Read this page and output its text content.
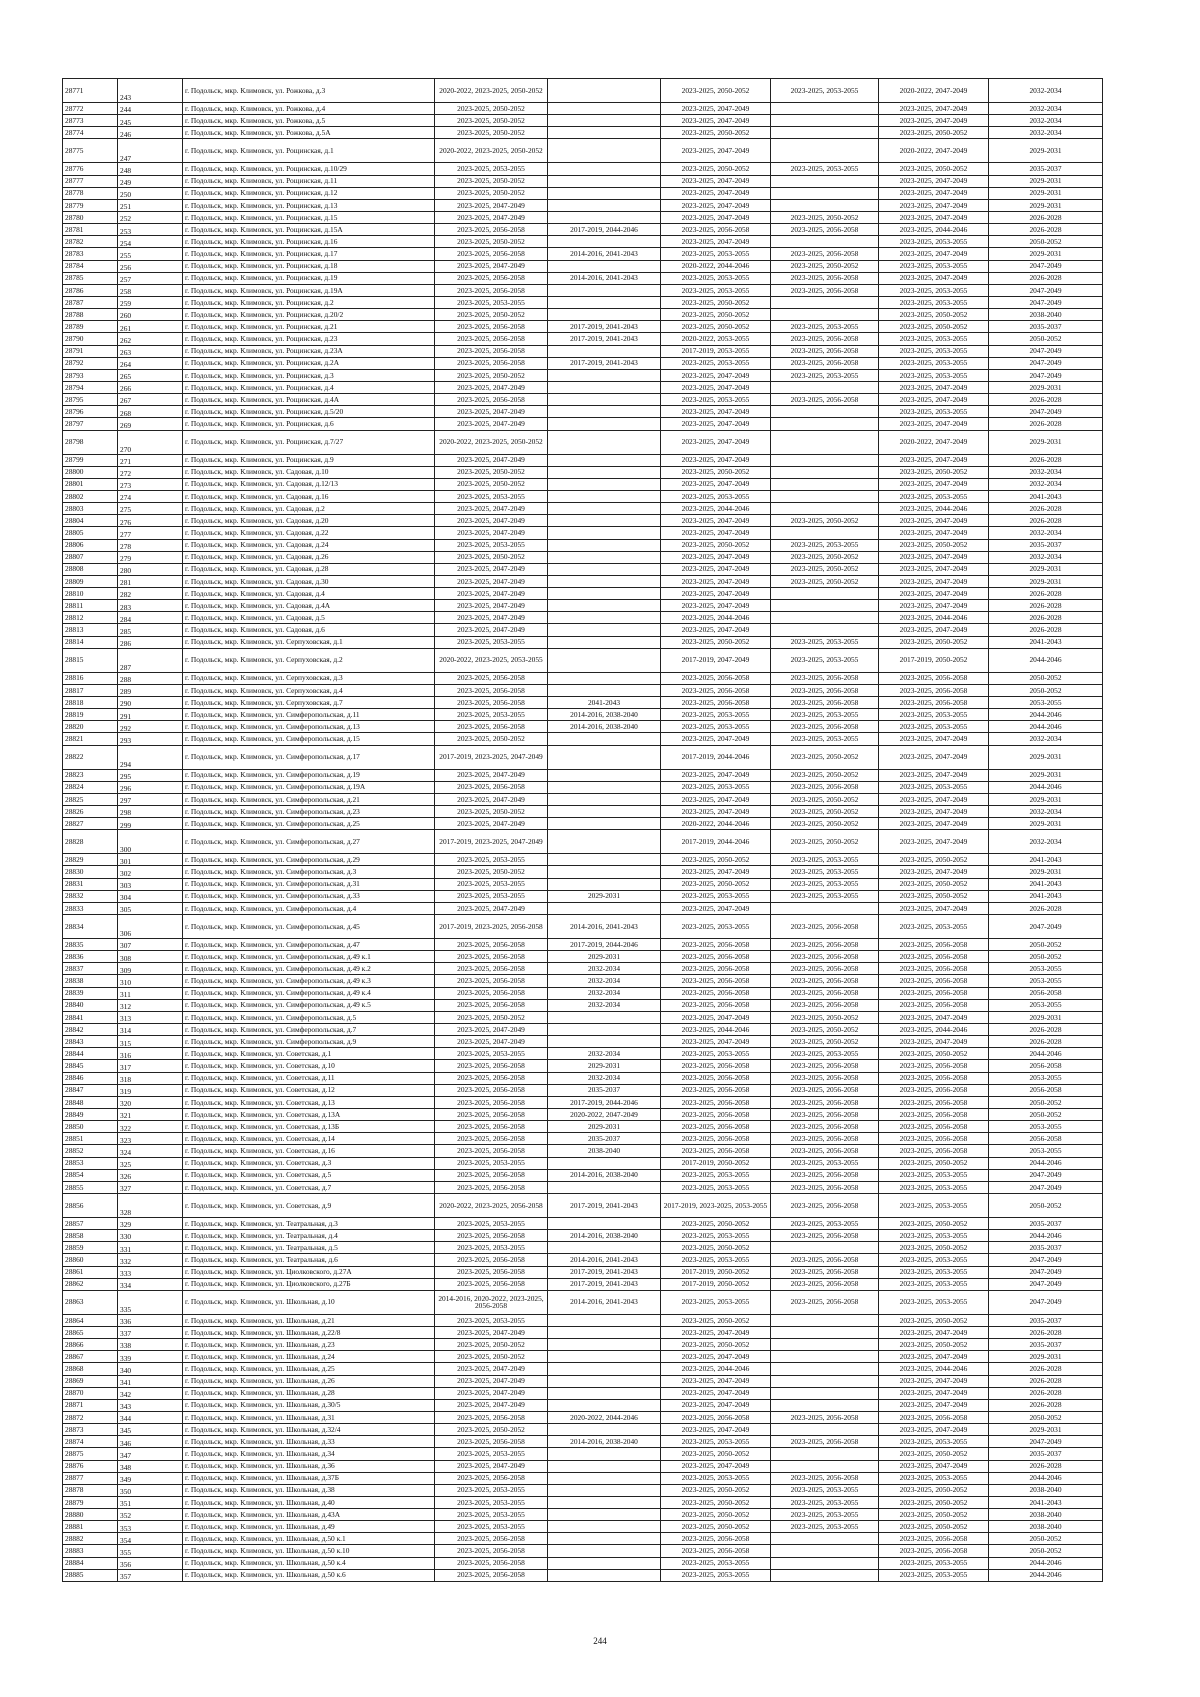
28771	243	г. Подольск, мкр. Климовск, ул. Рожкова, д.3	2020-2022, 2023-2025, 2050-2052		2023-2025, 2050-2052	2023-2025, 2053-2055	2020-2022, 2047-2049	2032-2034
28772	244	г. Подольск, мкр. Климовск, ул. Рожкова, д.4	2023-2025, 2050-2052		2023-2025, 2047-2049		2023-2025, 2047-2049	2032-2034
28773	245	г. Подольск, мкр. Климовск, ул. Рожкова, д.5	2023-2025, 2050-2052		2023-2025, 2047-2049		2023-2025, 2047-2049	2032-2034
28774	246	г. Подольск, мкр. Климовск, ул. Рожкова, д.5А	2023-2025, 2050-2052		2023-2025, 2050-2052		2023-2025, 2050-2052	2032-2034
28775	247	г. Подольск, мкр. Климовск, ул. Рощинская, д.1	2020-2022, 2023-2025, 2050-2052		2023-2025, 2047-2049		2020-2022, 2047-2049	2029-2031
28776	248	г. Подольск, мкр. Климовск, ул. Рощинская, д.10/29	2023-2025, 2053-2055		2023-2025, 2050-2052	2023-2025, 2053-2055	2023-2025, 2050-2052	2035-2037
28777	249	г. Подольск, мкр. Климовск, ул. Рощинская, д.11	2023-2025, 2050-2052		2023-2025, 2047-2049		2023-2025, 2047-2049	2029-2031
28778	250	г. Подольск, мкр. Климовск, ул. Рощинская, д.12	2023-2025, 2050-2052		2023-2025, 2047-2049		2023-2025, 2047-2049	2029-2031
28779	251	г. Подольск, мкр. Климовск, ул. Рощинская, д.13	2023-2025, 2047-2049		2023-2025, 2047-2049		2023-2025, 2047-2049	2029-2031
28780	252	г. Подольск, мкр. Климовск, ул. Рощинская, д.15	2023-2025, 2047-2049		2023-2025, 2047-2049	2023-2025, 2050-2052	2023-2025, 2047-2049	2026-2028
28781	253	г. Подольск, мкр. Климовск, ул. Рощинская, д.15А	2023-2025, 2056-2058	2017-2019, 2044-2046	2023-2025, 2056-2058	2023-2025, 2056-2058	2023-2025, 2044-2046	2026-2028
28782	254	г. Подольск, мкр. Климовск, ул. Рощинская, д.16	2023-2025, 2050-2052		2023-2025, 2047-2049		2023-2025, 2053-2055	2050-2052
28783	255	г. Подольск, мкр. Климовск, ул. Рощинская, д.17	2023-2025, 2056-2058	2014-2016, 2041-2043	2023-2025, 2053-2055	2023-2025, 2056-2058	2023-2025, 2047-2049	2029-2031
28784	256	г. Подольск, мкр. Климовск, ул. Рощинская, д.18	2023-2025, 2047-2049		2020-2022, 2044-2046	2023-2025, 2050-2052	2023-2025, 2053-2055	2047-2049
28785	257	г. Подольск, мкр. Климовск, ул. Рощинская, д.19	2023-2025, 2056-2058	2014-2016, 2041-2043	2023-2025, 2053-2055	2023-2025, 2056-2058	2023-2025, 2047-2049	2026-2028
28786	258	г. Подольск, мкр. Климовск, ул. Рощинская, д.19А	2023-2025, 2056-2058		2023-2025, 2053-2055	2023-2025, 2056-2058	2023-2025, 2053-2055	2047-2049
28787	259	г. Подольск, мкр. Климовск, ул. Рощинская, д.2	2023-2025, 2053-2055		2023-2025, 2050-2052		2023-2025, 2053-2055	2047-2049
28788	260	г. Подольск, мкр. Климовск, ул. Рощинская, д.20/2	2023-2025, 2050-2052		2023-2025, 2050-2052		2023-2025, 2050-2052	2038-2040
28789	261	г. Подольск, мкр. Климовск, ул. Рощинская, д.21	2023-2025, 2056-2058	2017-2019, 2041-2043	2023-2025, 2050-2052	2023-2025, 2053-2055	2023-2025, 2050-2052	2035-2037
28790	262	г. Подольск, мкр. Климовск, ул. Рощинская, д.23	2023-2025, 2056-2058	2017-2019, 2041-2043	2020-2022, 2053-2055	2023-2025, 2056-2058	2023-2025, 2053-2055	2050-2052
28791	263	г. Подольск, мкр. Климовск, ул. Рощинская, д.23А	2023-2025, 2056-2058		2017-2019, 2053-2055	2023-2025, 2056-2058	2023-2025, 2053-2055	2047-2049
28792	264	г. Подольск, мкр. Климовск, ул. Рощинская, д.2А	2023-2025, 2056-2058	2017-2019, 2041-2043	2023-2025, 2053-2055	2023-2025, 2056-2058	2023-2025, 2053-2055	2047-2049
28793	265	г. Подольск, мкр. Климовск, ул. Рощинская, д.3	2023-2025, 2050-2052		2023-2025, 2047-2049	2023-2025, 2053-2055	2023-2025, 2053-2055	2047-2049
28794	266	г. Подольск, мкр. Климовск, ул. Рощинская, д.4	2023-2025, 2047-2049		2023-2025, 2047-2049		2023-2025, 2047-2049	2029-2031
28795	267	г. Подольск, мкр. Климовск, ул. Рощинская, д.4А	2023-2025, 2056-2058		2023-2025, 2053-2055	2023-2025, 2056-2058	2023-2025, 2047-2049	2026-2028
28796	268	г. Подольск, мкр. Климовск, ул. Рощинская, д.5/20	2023-2025, 2047-2049		2023-2025, 2047-2049		2023-2025, 2053-2055	2047-2049
28797	269	г. Подольск, мкр. Климовск, ул. Рощинская, д.6	2023-2025, 2047-2049		2023-2025, 2047-2049		2023-2025, 2047-2049	2026-2028
28798	270	г. Подольск, мкр. Климовск, ул. Рощинская, д.7/27	2020-2022, 2023-2025, 2050-2052		2023-2025, 2047-2049		2020-2022, 2047-2049	2029-2031
28799	271	г. Подольск, мкр. Климовск, ул. Рощинская, д.9	2023-2025, 2047-2049		2023-2025, 2047-2049		2023-2025, 2047-2049	2026-2028
28800	272	г. Подольск, мкр. Климовск, ул. Садовая, д.10	2023-2025, 2050-2052		2023-2025, 2050-2052		2023-2025, 2050-2052	2032-2034
28801	273	г. Подольск, мкр. Климовск, ул. Садовая, д.12/13	2023-2025, 2050-2052		2023-2025, 2047-2049		2023-2025, 2047-2049	2032-2034
28802	274	г. Подольск, мкр. Климовск, ул. Садовая, д.16	2023-2025, 2053-2055		2023-2025, 2053-2055		2023-2025, 2053-2055	2041-2043
28803	275	г. Подольск, мкр. Климовск, ул. Садовая, д.2	2023-2025, 2047-2049		2023-2025, 2044-2046		2023-2025, 2044-2046	2026-2028
28804	276	г. Подольск, мкр. Климовск, ул. Садовая, д.20	2023-2025, 2047-2049		2023-2025, 2047-2049	2023-2025, 2050-2052	2023-2025, 2047-2049	2026-2028
28805	277	г. Подольск, мкр. Климовск, ул. Садовая, д.22	2023-2025, 2047-2049		2023-2025, 2047-2049		2023-2025, 2047-2049	2032-2034
28806	278	г. Подольск, мкр. Климовск, ул. Садовая, д.24	2023-2025, 2053-2055		2023-2025, 2050-2052	2023-2025, 2053-2055	2023-2025, 2050-2052	2035-2037
28807	279	г. Подольск, мкр. Климовск, ул. Садовая, д.26	2023-2025, 2050-2052		2023-2025, 2047-2049	2023-2025, 2050-2052	2023-2025, 2047-2049	2032-2034
28808	280	г. Подольск, мкр. Климовск, ул. Садовая, д.28	2023-2025, 2047-2049		2023-2025, 2047-2049	2023-2025, 2050-2052	2023-2025, 2047-2049	2029-2031
28809	281	г. Подольск, мкр. Климовск, ул. Садовая, д.30	2023-2025, 2047-2049		2023-2025, 2047-2049	2023-2025, 2050-2052	2023-2025, 2047-2049	2029-2031
28810	282	г. Подольск, мкр. Климовск, ул. Садовая, д.4	2023-2025, 2047-2049		2023-2025, 2047-2049		2023-2025, 2047-2049	2026-2028
28811	283	г. Подольск, мкр. Климовск, ул. Садовая, д.4А	2023-2025, 2047-2049		2023-2025, 2047-2049		2023-2025, 2047-2049	2026-2028
28812	284	г. Подольск, мкр. Климовск, ул. Садовая, д.5	2023-2025, 2047-2049		2023-2025, 2044-2046		2023-2025, 2044-2046	2026-2028
28813	285	г. Подольск, мкр. Климовск, ул. Садовая, д.6	2023-2025, 2047-2049		2023-2025, 2047-2049		2023-2025, 2047-2049	2026-2028
28814	286	г. Подольск, мкр. Климовск, ул. Серпуховская, д.1	2023-2025, 2053-2055		2023-2025, 2050-2052	2023-2025, 2053-2055	2023-2025, 2050-2052	2041-2043
28815	287	г. Подольск, мкр. Климовск, ул. Серпуховская, д.2	2020-2022, 2023-2025, 2053-2055		2017-2019, 2047-2049	2023-2025, 2053-2055	2017-2019, 2050-2052	2044-2046
28816	288	г. Подольск, мкр. Климовск, ул. Серпуховская, д.3	2023-2025, 2056-2058		2023-2025, 2056-2058	2023-2025, 2056-2058	2023-2025, 2056-2058	2050-2052
28817	289	г. Подольск, мкр. Климовск, ул. Серпуховская, д.4	2023-2025, 2056-2058		2023-2025, 2056-2058	2023-2025, 2056-2058	2023-2025, 2056-2058	2050-2052
28818	290	г. Подольск, мкр. Климовск, ул. Серпуховская, д.7	2023-2025, 2056-2058	2041-2043	2023-2025, 2056-2058	2023-2025, 2056-2058	2023-2025, 2056-2058	2053-2055
28819	291	г. Подольск, мкр. Климовск, ул. Симферопольская, д.11	2023-2025, 2053-2055	2014-2016, 2038-2040	2023-2025, 2053-2055	2023-2025, 2053-2055	2023-2025, 2053-2055	2044-2046
28820	292	г. Подольск, мкр. Климовск, ул. Симферопольская, д.13	2023-2025, 2056-2058	2014-2016, 2038-2040	2023-2025, 2053-2055	2023-2025, 2056-2058	2023-2025, 2053-2055	2044-2046
28821	293	г. Подольск, мкр. Климовск, ул. Симферопольская, д.15	2023-2025, 2050-2052		2023-2025, 2047-2049	2023-2025, 2053-2055	2023-2025, 2047-2049	2032-2034
28822	294	г. Подольск, мкр. Климовск, ул. Симферопольская, д.17	2017-2019, 2023-2025, 2047-2049		2017-2019, 2044-2046	2023-2025, 2050-2052	2023-2025, 2047-2049	2029-2031
28823	295	г. Подольск, мкр. Климовск, ул. Симферопольская, д.19	2023-2025, 2047-2049		2023-2025, 2047-2049	2023-2025, 2050-2052	2023-2025, 2047-2049	2029-2031
28824	296	г. Подольск, мкр. Климовск, ул. Симферопольская, д.19А	2023-2025, 2056-2058		2023-2025, 2053-2055	2023-2025, 2056-2058	2023-2025, 2053-2055	2044-2046
28825	297	г. Подольск, мкр. Климовск, ул. Симферопольская, д.21	2023-2025, 2047-2049		2023-2025, 2047-2049	2023-2025, 2050-2052	2023-2025, 2047-2049	2029-2031
28826	298	г. Подольск, мкр. Климовск, ул. Симферопольская, д.23	2023-2025, 2050-2052		2023-2025, 2047-2049	2023-2025, 2050-2052	2023-2025, 2047-2049	2032-2034
28827	299	г. Подольск, мкр. Климовск, ул. Симферопольская, д.25	2023-2025, 2047-2049		2020-2022, 2044-2046	2023-2025, 2050-2052	2023-2025, 2047-2049	2029-2031
28828	300	г. Подольск, мкр. Климовск, ул. Симферопольская, д.27	2017-2019, 2023-2025, 2047-2049		2017-2019, 2044-2046	2023-2025, 2050-2052	2023-2025, 2047-2049	2032-2034
28829	301	г. Подольск, мкр. Климовск, ул. Симферопольская, д.29	2023-2025, 2053-2055		2023-2025, 2050-2052	2023-2025, 2053-2055	2023-2025, 2050-2052	2041-2043
28830	302	г. Подольск, мкр. Климовск, ул. Симферопольская, д.3	2023-2025, 2050-2052		2023-2025, 2047-2049	2023-2025, 2053-2055	2023-2025, 2047-2049	2029-2031
28831	303	г. Подольск, мкр. Климовск, ул. Симферопольская, д.31	2023-2025, 2053-2055		2023-2025, 2050-2052	2023-2025, 2053-2055	2023-2025, 2050-2052	2041-2043
28832	304	г. Подольск, мкр. Климовск, ул. Симферопольская, д.33	2023-2025, 2053-2055	2029-2031	2023-2025, 2053-2055	2023-2025, 2053-2055	2023-2025, 2050-2052	2041-2043
28833	305	г. Подольск, мкр. Климовск, ул. Симферопольская, д.4	2023-2025, 2047-2049		2023-2025, 2047-2049		2023-2025, 2047-2049	2026-2028
28834	306	г. Подольск, мкр. Климовск, ул. Симферопольская, д.45	2017-2019, 2023-2025, 2056-2058	2014-2016, 2041-2043	2023-2025, 2053-2055	2023-2025, 2056-2058	2023-2025, 2053-2055	2047-2049
28835	307	г. Подольск, мкр. Климовск, ул. Симферопольская, д.47	2023-2025, 2056-2058	2017-2019, 2044-2046	2023-2025, 2056-2058	2023-2025, 2056-2058	2023-2025, 2056-2058	2050-2052
28836	308	г. Подольск, мкр. Климовск, ул. Симферопольская, д.49 к.1	2023-2025, 2056-2058	2029-2031	2023-2025, 2056-2058	2023-2025, 2056-2058	2023-2025, 2056-2058	2050-2052
28837	309	г. Подольск, мкр. Климовск, ул. Симферопольская, д.49 к.2	2023-2025, 2056-2058	2032-2034	2023-2025, 2056-2058	2023-2025, 2056-2058	2023-2025, 2056-2058	2053-2055
28838	310	г. Подольск, мкр. Климовск, ул. Симферопольская, д.49 к.3	2023-2025, 2056-2058	2032-2034	2023-2025, 2056-2058	2023-2025, 2056-2058	2023-2025, 2056-2058	2053-2055
28839	311	г. Подольск, мкр. Климовск, ул. Симферопольская, д.49 к.4	2023-2025, 2056-2058	2032-2034	2023-2025, 2056-2058	2023-2025, 2056-2058	2023-2025, 2056-2058	2056-2058
28840	312	г. Подольск, мкр. Климовск, ул. Симферопольская, д.49 к.5	2023-2025, 2056-2058	2032-2034	2023-2025, 2056-2058	2023-2025, 2056-2058	2023-2025, 2056-2058	2053-2055
28841	313	г. Подольск, мкр. Климовск, ул. Симферопольская, д.5	2023-2025, 2050-2052		2023-2025, 2047-2049	2023-2025, 2050-2052	2023-2025, 2047-2049	2029-2031
28842	314	г. Подольск, мкр. Климовск, ул. Симферопольская, д.7	2023-2025, 2047-2049		2023-2025, 2044-2046	2023-2025, 2050-2052	2023-2025, 2044-2046	2026-2028
28843	315	г. Подольск, мкр. Климовск, ул. Симферопольская, д.9	2023-2025, 2047-2049		2023-2025, 2047-2049	2023-2025, 2050-2052	2023-2025, 2047-2049	2026-2028
28844	316	г. Подольск, мкр. Климовск, ул. Советская, д.1	2023-2025, 2053-2055	2032-2034	2023-2025, 2053-2055	2023-2025, 2053-2055	2023-2025, 2050-2052	2044-2046
28845	317	г. Подольск, мкр. Климовск, ул. Советская, д.10	2023-2025, 2056-2058	2029-2031	2023-2025, 2056-2058	2023-2025, 2056-2058	2023-2025, 2056-2058	2056-2058
28846	318	г. Подольск, мкр. Климовск, ул. Советская, д.11	2023-2025, 2056-2058	2032-2034	2023-2025, 2056-2058	2023-2025, 2056-2058	2023-2025, 2056-2058	2053-2055
28847	319	г. Подольск, мкр. Климовск, ул. Советская, д.12	2023-2025, 2056-2058	2035-2037	2023-2025, 2056-2058	2023-2025, 2056-2058	2023-2025, 2056-2058	2056-2058
28848	320	г. Подольск, мкр. Климовск, ул. Советская, д.13	2023-2025, 2056-2058	2017-2019, 2044-2046	2023-2025, 2056-2058	2023-2025, 2056-2058	2023-2025, 2056-2058	2050-2052
28849	321	г. Подольск, мкр. Климовск, ул. Советская, д.13А	2023-2025, 2056-2058	2020-2022, 2047-2049	2023-2025, 2056-2058	2023-2025, 2056-2058	2023-2025, 2056-2058	2050-2052
28850	322	г. Подольск, мкр. Климовск, ул. Советская, д.13Б	2023-2025, 2056-2058	2029-2031	2023-2025, 2056-2058	2023-2025, 2056-2058	2023-2025, 2056-2058	2053-2055
28851	323	г. Подольск, мкр. Климовск, ул. Советская, д.14	2023-2025, 2056-2058	2035-2037	2023-2025, 2056-2058	2023-2025, 2056-2058	2023-2025, 2056-2058	2056-2058
28852	324	г. Подольск, мкр. Климовск, ул. Советская, д.16	2023-2025, 2056-2058	2038-2040	2023-2025, 2056-2058	2023-2025, 2056-2058	2023-2025, 2056-2058	2053-2055
28853	325	г. Подольск, мкр. Климовск, ул. Советская, д.3	2023-2025, 2053-2055		2017-2019, 2050-2052	2023-2025, 2053-2055	2023-2025, 2050-2052	2044-2046
28854	326	г. Подольск, мкр. Климовск, ул. Советская, д.5	2023-2025, 2056-2058	2014-2016, 2038-2040	2023-2025, 2053-2055	2023-2025, 2056-2058	2023-2025, 2053-2055	2047-2049
28855	327	г. Подольск, мкр. Климовск, ул. Советская, д.7	2023-2025, 2056-2058		2023-2025, 2053-2055	2023-2025, 2056-2058	2023-2025, 2053-2055	2047-2049
28856	328	г. Подольск, мкр. Климовск, ул. Советская, д.9	2020-2022, 2023-2025, 2056-2058	2017-2019, 2041-2043	2017-2019, 2023-2025, 2053-2055	2023-2025, 2056-2058	2023-2025, 2053-2055	2050-2052
28857	329	г. Подольск, мкр. Климовск, ул. Театральная, д.3	2023-2025, 2053-2055		2023-2025, 2050-2052	2023-2025, 2053-2055	2023-2025, 2050-2052	2035-2037
28858	330	г. Подольск, мкр. Климовск, ул. Театральная, д.4	2023-2025, 2056-2058	2014-2016, 2038-2040	2023-2025, 2053-2055	2023-2025, 2056-2058	2023-2025, 2053-2055	2044-2046
28859	331	г. Подольск, мкр. Климовск, ул. Театральная, д.5	2023-2025, 2053-2055		2023-2025, 2050-2052		2023-2025, 2050-2052	2035-2037
28860	332	г. Подольск, мкр. Климовск, ул. Театральная, д.6	2023-2025, 2056-2058	2014-2016, 2041-2043	2023-2025, 2053-2055	2023-2025, 2056-2058	2023-2025, 2053-2055	2047-2049
28861	333	г. Подольск, мкр. Климовск, ул. Циолковского, д.27А	2023-2025, 2056-2058	2017-2019, 2041-2043	2017-2019, 2050-2052	2023-2025, 2056-2058	2023-2025, 2053-2055	2047-2049
28862	334	г. Подольск, мкр. Климовск, ул. Циолковского, д.27Б	2023-2025, 2056-2058	2017-2019, 2041-2043	2017-2019, 2050-2052	2023-2025, 2056-2058	2023-2025, 2053-2055	2047-2049
28863	335	г. Подольск, мкр. Климовск, ул. Школьная, д.10	2014-2016, 2020-2022, 2023-2025, 2056-2058	2014-2016, 2041-2043	2023-2025, 2053-2055	2023-2025, 2056-2058	2023-2025, 2053-2055	2047-2049
28864	336	г. Подольск, мкр. Климовск, ул. Школьная, д.21	2023-2025, 2053-2055		2023-2025, 2050-2052		2023-2025, 2050-2052	2035-2037
28865	337	г. Подольск, мкр. Климовск, ул. Школьная, д.22/8	2023-2025, 2047-2049		2023-2025, 2047-2049		2023-2025, 2047-2049	2026-2028
28866	338	г. Подольск, мкр. Климовск, ул. Школьная, д.23	2023-2025, 2050-2052		2023-2025, 2050-2052		2023-2025, 2050-2052	2035-2037
28867	339	г. Подольск, мкр. Климовск, ул. Школьная, д.24	2023-2025, 2050-2052		2023-2025, 2047-2049		2023-2025, 2047-2049	2029-2031
28868	340	г. Подольск, мкр. Климовск, ул. Школьная, д.25	2023-2025, 2047-2049		2023-2025, 2044-2046		2023-2025, 2044-2046	2026-2028
28869	341	г. Подольск, мкр. Климовск, ул. Школьная, д.26	2023-2025, 2047-2049		2023-2025, 2047-2049		2023-2025, 2047-2049	2026-2028
28870	342	г. Подольск, мкр. Климовск, ул. Школьная, д.28	2023-2025, 2047-2049		2023-2025, 2047-2049		2023-2025, 2047-2049	2026-2028
28871	343	г. Подольск, мкр. Климовск, ул. Школьная, д.30/5	2023-2025, 2047-2049		2023-2025, 2047-2049		2023-2025, 2047-2049	2026-2028
28872	344	г. Подольск, мкр. Климовск, ул. Школьная, д.31	2023-2025, 2056-2058	2020-2022, 2044-2046	2023-2025, 2056-2058	2023-2025, 2056-2058	2023-2025, 2056-2058	2050-2052
28873	345	г. Подольск, мкр. Климовск, ул. Школьная, д.32/4	2023-2025, 2050-2052		2023-2025, 2047-2049		2023-2025, 2047-2049	2029-2031
28874	346	г. Подольск, мкр. Климовск, ул. Школьная, д.33	2023-2025, 2056-2058	2014-2016, 2038-2040	2023-2025, 2053-2055	2023-2025, 2056-2058	2023-2025, 2053-2055	2047-2049
28875	347	г. Подольск, мкр. Климовск, ул. Школьная, д.34	2023-2025, 2053-2055		2023-2025, 2050-2052		2023-2025, 2050-2052	2035-2037
28876	348	г. Подольск, мкр. Климовск, ул. Школьная, д.36	2023-2025, 2047-2049		2023-2025, 2047-2049		2023-2025, 2047-2049	2026-2028
28877	349	г. Подольск, мкр. Климовск, ул. Школьная, д.37Б	2023-2025, 2056-2058		2023-2025, 2053-2055	2023-2025, 2056-2058	2023-2025, 2053-2055	2044-2046
28878	350	г. Подольск, мкр. Климовск, ул. Школьная, д.38	2023-2025, 2053-2055		2023-2025, 2050-2052	2023-2025, 2053-2055	2023-2025, 2050-2052	2038-2040
28879	351	г. Подольск, мкр. Климовск, ул. Школьная, д.40	2023-2025, 2053-2055		2023-2025, 2050-2052	2023-2025, 2053-2055	2023-2025, 2050-2052	2041-2043
28880	352	г. Подольск, мкр. Климовск, ул. Школьная, д.43А	2023-2025, 2053-2055		2023-2025, 2050-2052	2023-2025, 2053-2055	2023-2025, 2050-2052	2038-2040
28881	353	г. Подольск, мкр. Климовск, ул. Школьная, д.49	2023-2025, 2053-2055		2023-2025, 2050-2052	2023-2025, 2053-2055	2023-2025, 2050-2052	2038-2040
28882	354	г. Подольск, мкр. Климовск, ул. Школьная, д.50 к.1	2023-2025, 2056-2058		2023-2025, 2056-2058		2023-2025, 2056-2058	2050-2052
28883	355	г. Подольск, мкр. Климовск, ул. Школьная, д.50 к.10	2023-2025, 2056-2058		2023-2025, 2056-2058		2023-2025, 2056-2058	2050-2052
28884	356	г. Подольск, мкр. Климовск, ул. Школьная, д.50 к.4	2023-2025, 2056-2058		2023-2025, 2053-2055		2023-2025, 2053-2055	2044-2046
28885	357	г. Подольск, мкр. Климовск, ул. Школьная, д.50 к.6	2023-2025, 2056-2058		2023-2025, 2053-2055		2023-2025, 2053-2055	2044-2046
244
